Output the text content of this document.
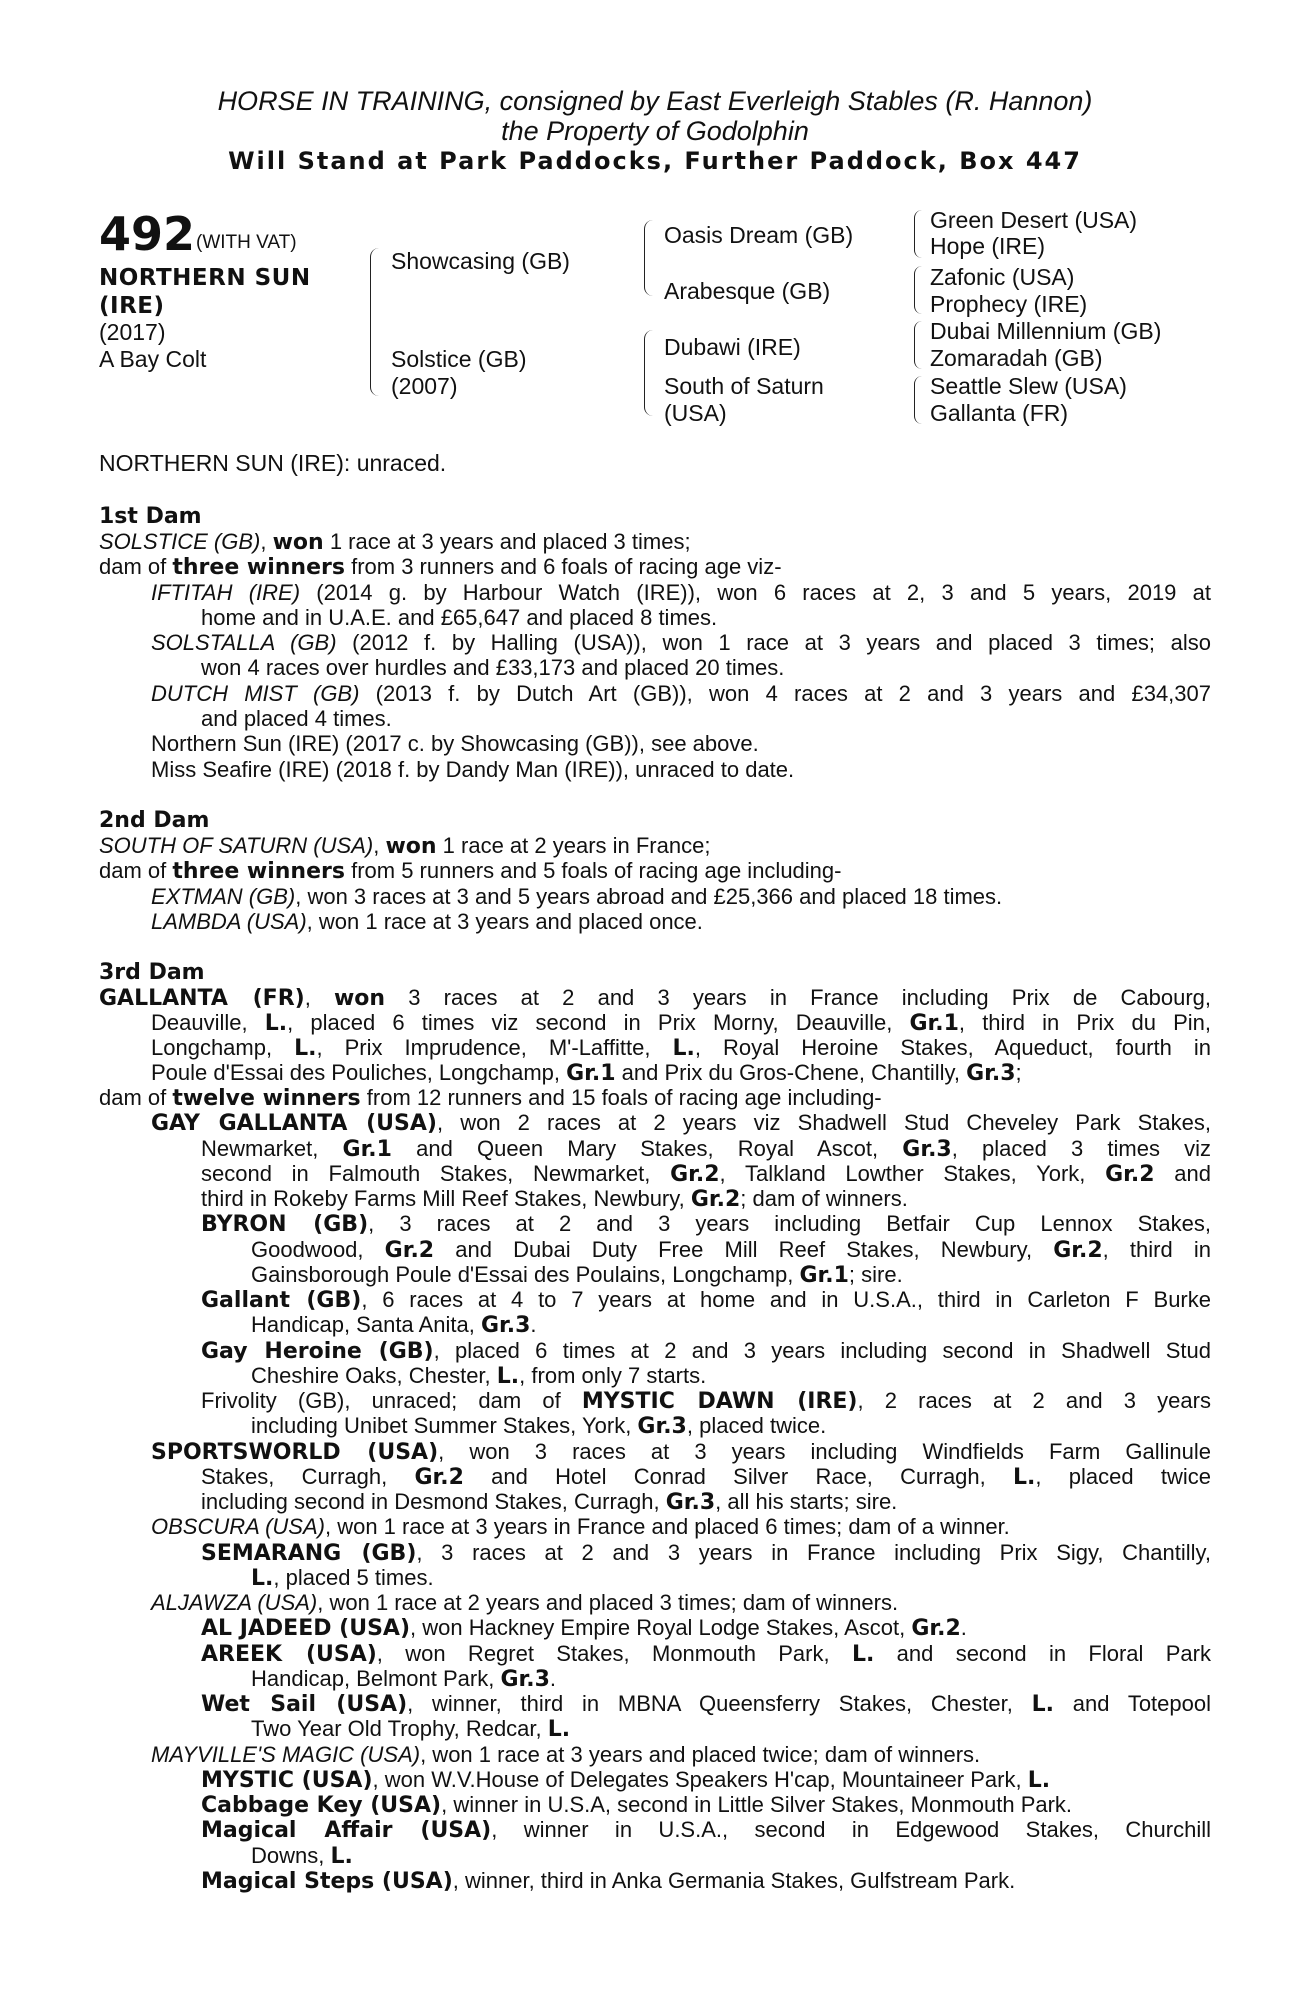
HORSE IN TRAINING, consigned by East Everleigh Stables (R. Hannon)
the Property of Godolphin
Will Stand at Park Paddocks, Further Paddock, Box 447
492 (WITH VAT)
NORTHERN SUN
(IRE)
(2017)
A Bay Colt
Showcasing (GB)
Solstice (GB)
(2007)
Oasis Dream (GB)
Arabesque (GB)
Dubawi (IRE)
South of Saturn
(USA)
Green Desert (USA)
Hope (IRE)
Zafonic (USA)
Prophecy (IRE)
Dubai Millennium (GB)
Zomaradah (GB)
Seattle Slew (USA)
Gallanta (FR)
NORTHERN SUN (IRE): unraced.
1st Dam
SOLSTICE (GB), won 1 race at 3 years and placed 3 times;
dam of three winners from 3 runners and 6 foals of racing age viz-
IFTITAH (IRE) (2014 g. by Harbour Watch (IRE)), won 6 races at 2, 3 and 5 years, 2019 at
home and in U.A.E. and £65,647 and placed 8 times.
SOLSTALLA (GB) (2012 f. by Halling (USA)), won 1 race at 3 years and placed 3 times; also
won 4 races over hurdles and £33,173 and placed 20 times.
DUTCH MIST (GB) (2013 f. by Dutch Art (GB)), won 4 races at 2 and 3 years and £34,307
and placed 4 times.
Northern Sun (IRE) (2017 c. by Showcasing (GB)), see above.
Miss Seafire (IRE) (2018 f. by Dandy Man (IRE)), unraced to date.
2nd Dam
SOUTH OF SATURN (USA), won 1 race at 2 years in France;
dam of three winners from 5 runners and 5 foals of racing age including-
EXTMAN (GB), won 3 races at 3 and 5 years abroad and £25,366 and placed 18 times.
LAMBDA (USA), won 1 race at 3 years and placed once.
3rd Dam
GALLANTA (FR), won 3 races at 2 and 3 years in France including Prix de Cabourg,
Deauville, L., placed 6 times viz second in Prix Morny, Deauville, Gr.1, third in Prix du Pin,
Longchamp, L., Prix Imprudence, M'-Laffitte, L., Royal Heroine Stakes, Aqueduct, fourth in
Poule d'Essai des Pouliches, Longchamp, Gr.1 and Prix du Gros-Chene, Chantilly, Gr.3;
dam of twelve winners from 12 runners and 15 foals of racing age including-
GAY GALLANTA (USA), won 2 races at 2 years viz Shadwell Stud Cheveley Park Stakes,
Newmarket, Gr.1 and Queen Mary Stakes, Royal Ascot, Gr.3, placed 3 times viz
second in Falmouth Stakes, Newmarket, Gr.2, Talkland Lowther Stakes, York, Gr.2 and
third in Rokeby Farms Mill Reef Stakes, Newbury, Gr.2; dam of winners.
BYRON (GB), 3 races at 2 and 3 years including Betfair Cup Lennox Stakes,
Goodwood, Gr.2 and Dubai Duty Free Mill Reef Stakes, Newbury, Gr.2, third in
Gainsborough Poule d'Essai des Poulains, Longchamp, Gr.1; sire.
Gallant (GB), 6 races at 4 to 7 years at home and in U.S.A., third in Carleton F Burke
Handicap, Santa Anita, Gr.3.
Gay Heroine (GB), placed 6 times at 2 and 3 years including second in Shadwell Stud
Cheshire Oaks, Chester, L., from only 7 starts.
Frivolity (GB), unraced; dam of MYSTIC DAWN (IRE), 2 races at 2 and 3 years
including Unibet Summer Stakes, York, Gr.3, placed twice.
SPORTSWORLD (USA), won 3 races at 3 years including Windfields Farm Gallinule
Stakes, Curragh, Gr.2 and Hotel Conrad Silver Race, Curragh, L., placed twice
including second in Desmond Stakes, Curragh, Gr.3, all his starts; sire.
OBSCURA (USA), won 1 race at 3 years in France and placed 6 times; dam of a winner.
SEMARANG (GB), 3 races at 2 and 3 years in France including Prix Sigy, Chantilly,
L., placed 5 times.
ALJAWZA (USA), won 1 race at 2 years and placed 3 times; dam of winners.
AL JADEED (USA), won Hackney Empire Royal Lodge Stakes, Ascot, Gr.2.
AREEK (USA), won Regret Stakes, Monmouth Park, L. and second in Floral Park
Handicap, Belmont Park, Gr.3.
Wet Sail (USA), winner, third in MBNA Queensferry Stakes, Chester, L. and Totepool
Two Year Old Trophy, Redcar, L.
MAYVILLE'S MAGIC (USA), won 1 race at 3 years and placed twice; dam of winners.
MYSTIC (USA), won W.V.House of Delegates Speakers H'cap, Mountaineer Park, L.
Cabbage Key (USA), winner in U.S.A, second in Little Silver Stakes, Monmouth Park.
Magical Affair (USA), winner in U.S.A., second in Edgewood Stakes, Churchill
Downs, L.
Magical Steps (USA), winner, third in Anka Germania Stakes, Gulfstream Park.
